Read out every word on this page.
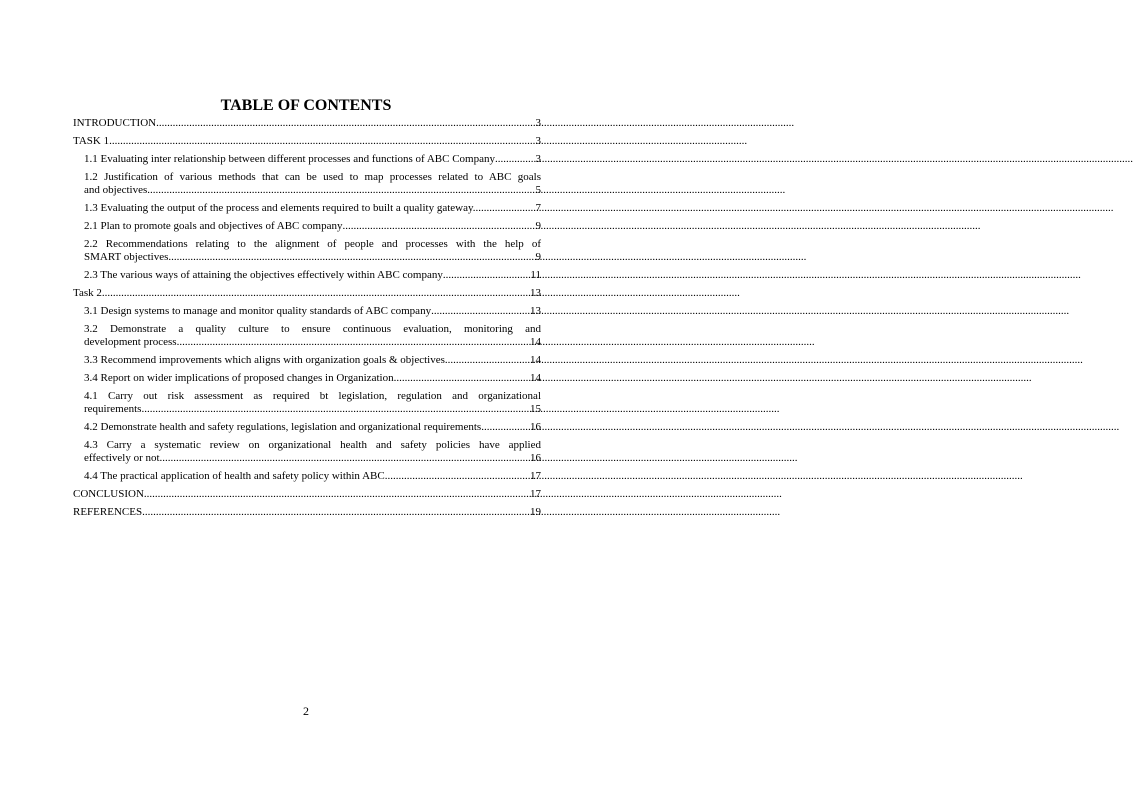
TABLE OF CONTENTS
INTRODUCTION .....	3
TASK 1 .....	3
1.1 Evaluating inter relationship between different processes and functions of ABC Company .....	3
1.2 Justification of various methods that can be used to map processes related to ABC goals
and objectives .....	5
1.3 Evaluating the output of the process and elements required to built a quality gateway. .....	7
2.1 Plan to promote goals and objectives of ABC company .....	9
2.2 Recommendations relating to the alignment of people and processes with the help of
SMART objectives .....	9
2.3 The various ways of attaining the objectives effectively within ABC company .....	11
Task 2 .....	13
3.1 Design systems to manage and monitor quality standards of ABC company .....	13
3.2 Demonstrate a quality culture to ensure continuous evaluation, monitoring and
development process .....	14
3.3 Recommend improvements which aligns with organization goals & objectives .....	14
3.4 Report on wider implications of proposed changes in Organization .....	14
4.1 Carry out risk assessment as required bt legislation, regulation and organizational
requirements .....	15
4.2 Demonstrate health and safety regulations, legislation and organizational requirements .....	16
4.3 Carry a systematic review on organizational health and safety policies have applied
effectively or not .....	16
4.4 The practical application of health and safety policy within ABC .....	17
CONCLUSION .....	17
REFERENCES .....	19
2
